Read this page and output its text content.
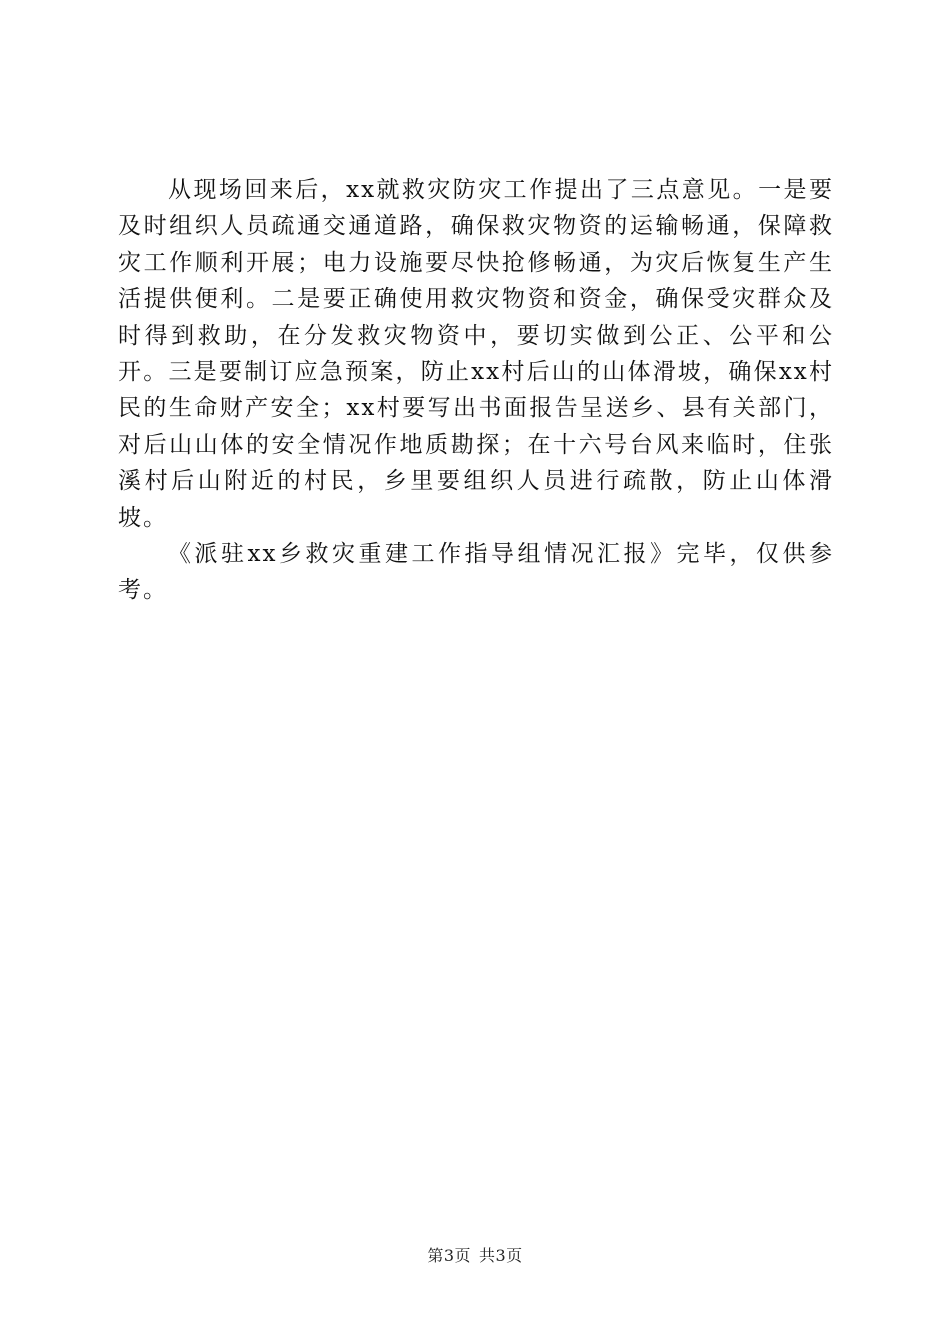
从现场回来后，xx就救灾防灾工作提出了三点意见。一是要及时组织人员疏通交通道路，确保救灾物资的运输畅通，保障救灾工作顺利开展；电力设施要尽快抢修畅通，为灾后恢复生产生活提供便利。二是要正确使用救灾物资和资金，确保受灾群众及时得到救助，在分发救灾物资中，要切实做到公正、公平和公开。三是要制订应急预案，防止xx村后山的山体滑坡，确保xx村民的生命财产安全；xx村要写出书面报告呈送乡、县有关部门，对后山山体的安全情况作地质勘探；在十六号台风来临时，住张溪村后山附近的村民，乡里要组织人员进行疏散，防止山体滑坡。

《派驻xx乡救灾重建工作指导组情况汇报》完毕，仅供参考。

第3页 共3页
